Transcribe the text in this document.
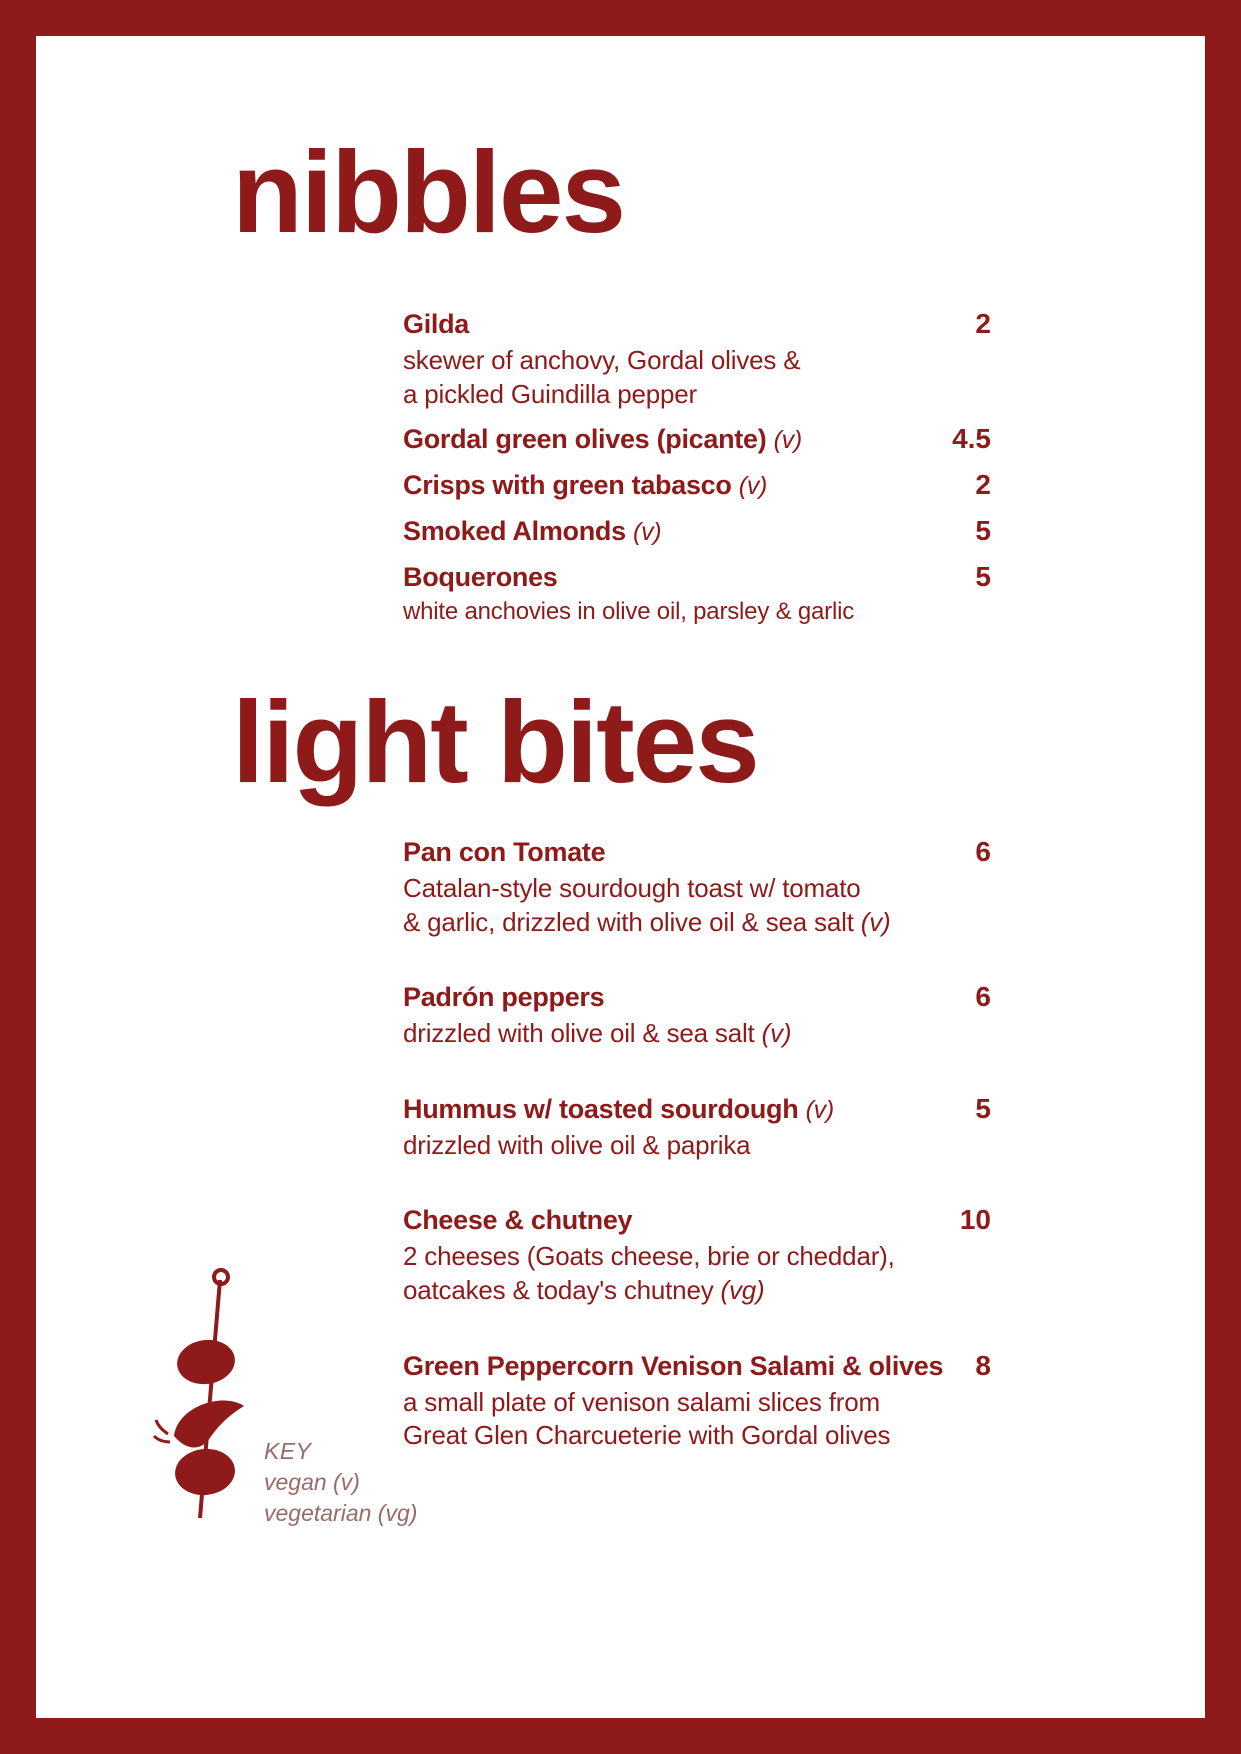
nibbles
Gilda	2
skewer of anchovy, Gordal olives &
a pickled Guindilla pepper
Gordal green olives (picante) (v)	4.5
Crisps with green tabasco (v)	2
Smoked Almonds (v)	5
Boquerones	5
white anchovies in olive oil, parsley & garlic
light bites
Pan con Tomate	6
Catalan-style sourdough toast w/ tomato
& garlic, drizzled with olive oil & sea salt (v)
Padrón peppers	6
drizzled with olive oil & sea salt (v)
Hummus w/ toasted sourdough (v)	5
drizzled with olive oil & paprika
Cheese & chutney	10
2 cheeses (Goats cheese, brie or cheddar),
oatcakes & today's chutney (vg)
Green Peppercorn Venison Salami & olives	8
a small plate of venison salami slices from
Great Glen Charcueterie with Gordal olives
KEY
vegan (v)
vegetarian (vg)
